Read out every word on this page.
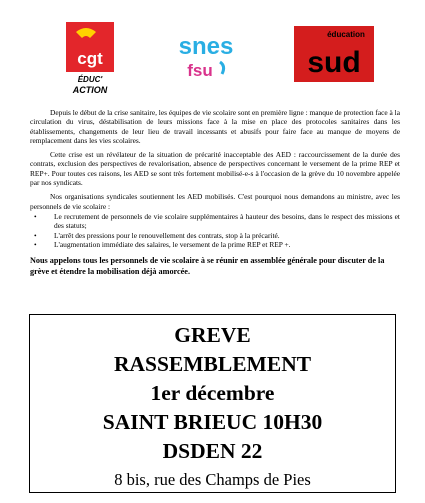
cgt
ÉDUC'
ACTION
snes
fsu
éducation
sud

Depuis le début de la crise sanitaire, les équipes de vie scolaire sont en première ligne : manque de protection face à la circulation du virus, déstabilisation de leurs missions face à la mise en place des protocoles sanitaires dans les établissements, changements de leur lieu de travail incessants et abusifs pour faire face au manque de moyens de remplacement dans les vies scolaires.

Cette crise est un révélateur de la situation de précarité inacceptable des AED : raccourcissement de la durée des contrats, exclusion des perspectives de revalorisation, absence de perspectives concernant le versement de la prime REP et REP+. Pour toutes ces raisons, les AED se sont très fortement mobilisé-e-s à l'occasion de la grève du 10 novembre appelée par nos syndicats.

Nos organisations syndicales soutiennent les AED mobilisés. C'est pourquoi nous demandons au ministre, avec les personnels de vie scolaire :

• Le recrutement de personnels de vie scolaire supplémentaires à hauteur des besoins, dans le respect des missions et des statuts;
• L'arrêt des pressions pour le renouvellement des contrats, stop à la précarité.
• L'augmentation immédiate des salaires, le versement de la prime REP et REP +.

Nous appelons tous les personnels de vie scolaire à se réunir en assemblée générale pour discuter de la grève et étendre la mobilisation déjà amorcée.

GREVE
RASSEMBLEMENT
1er décembre
SAINT BRIEUC 10H30
DSDEN 22
8 bis, rue des Champs de Pies
